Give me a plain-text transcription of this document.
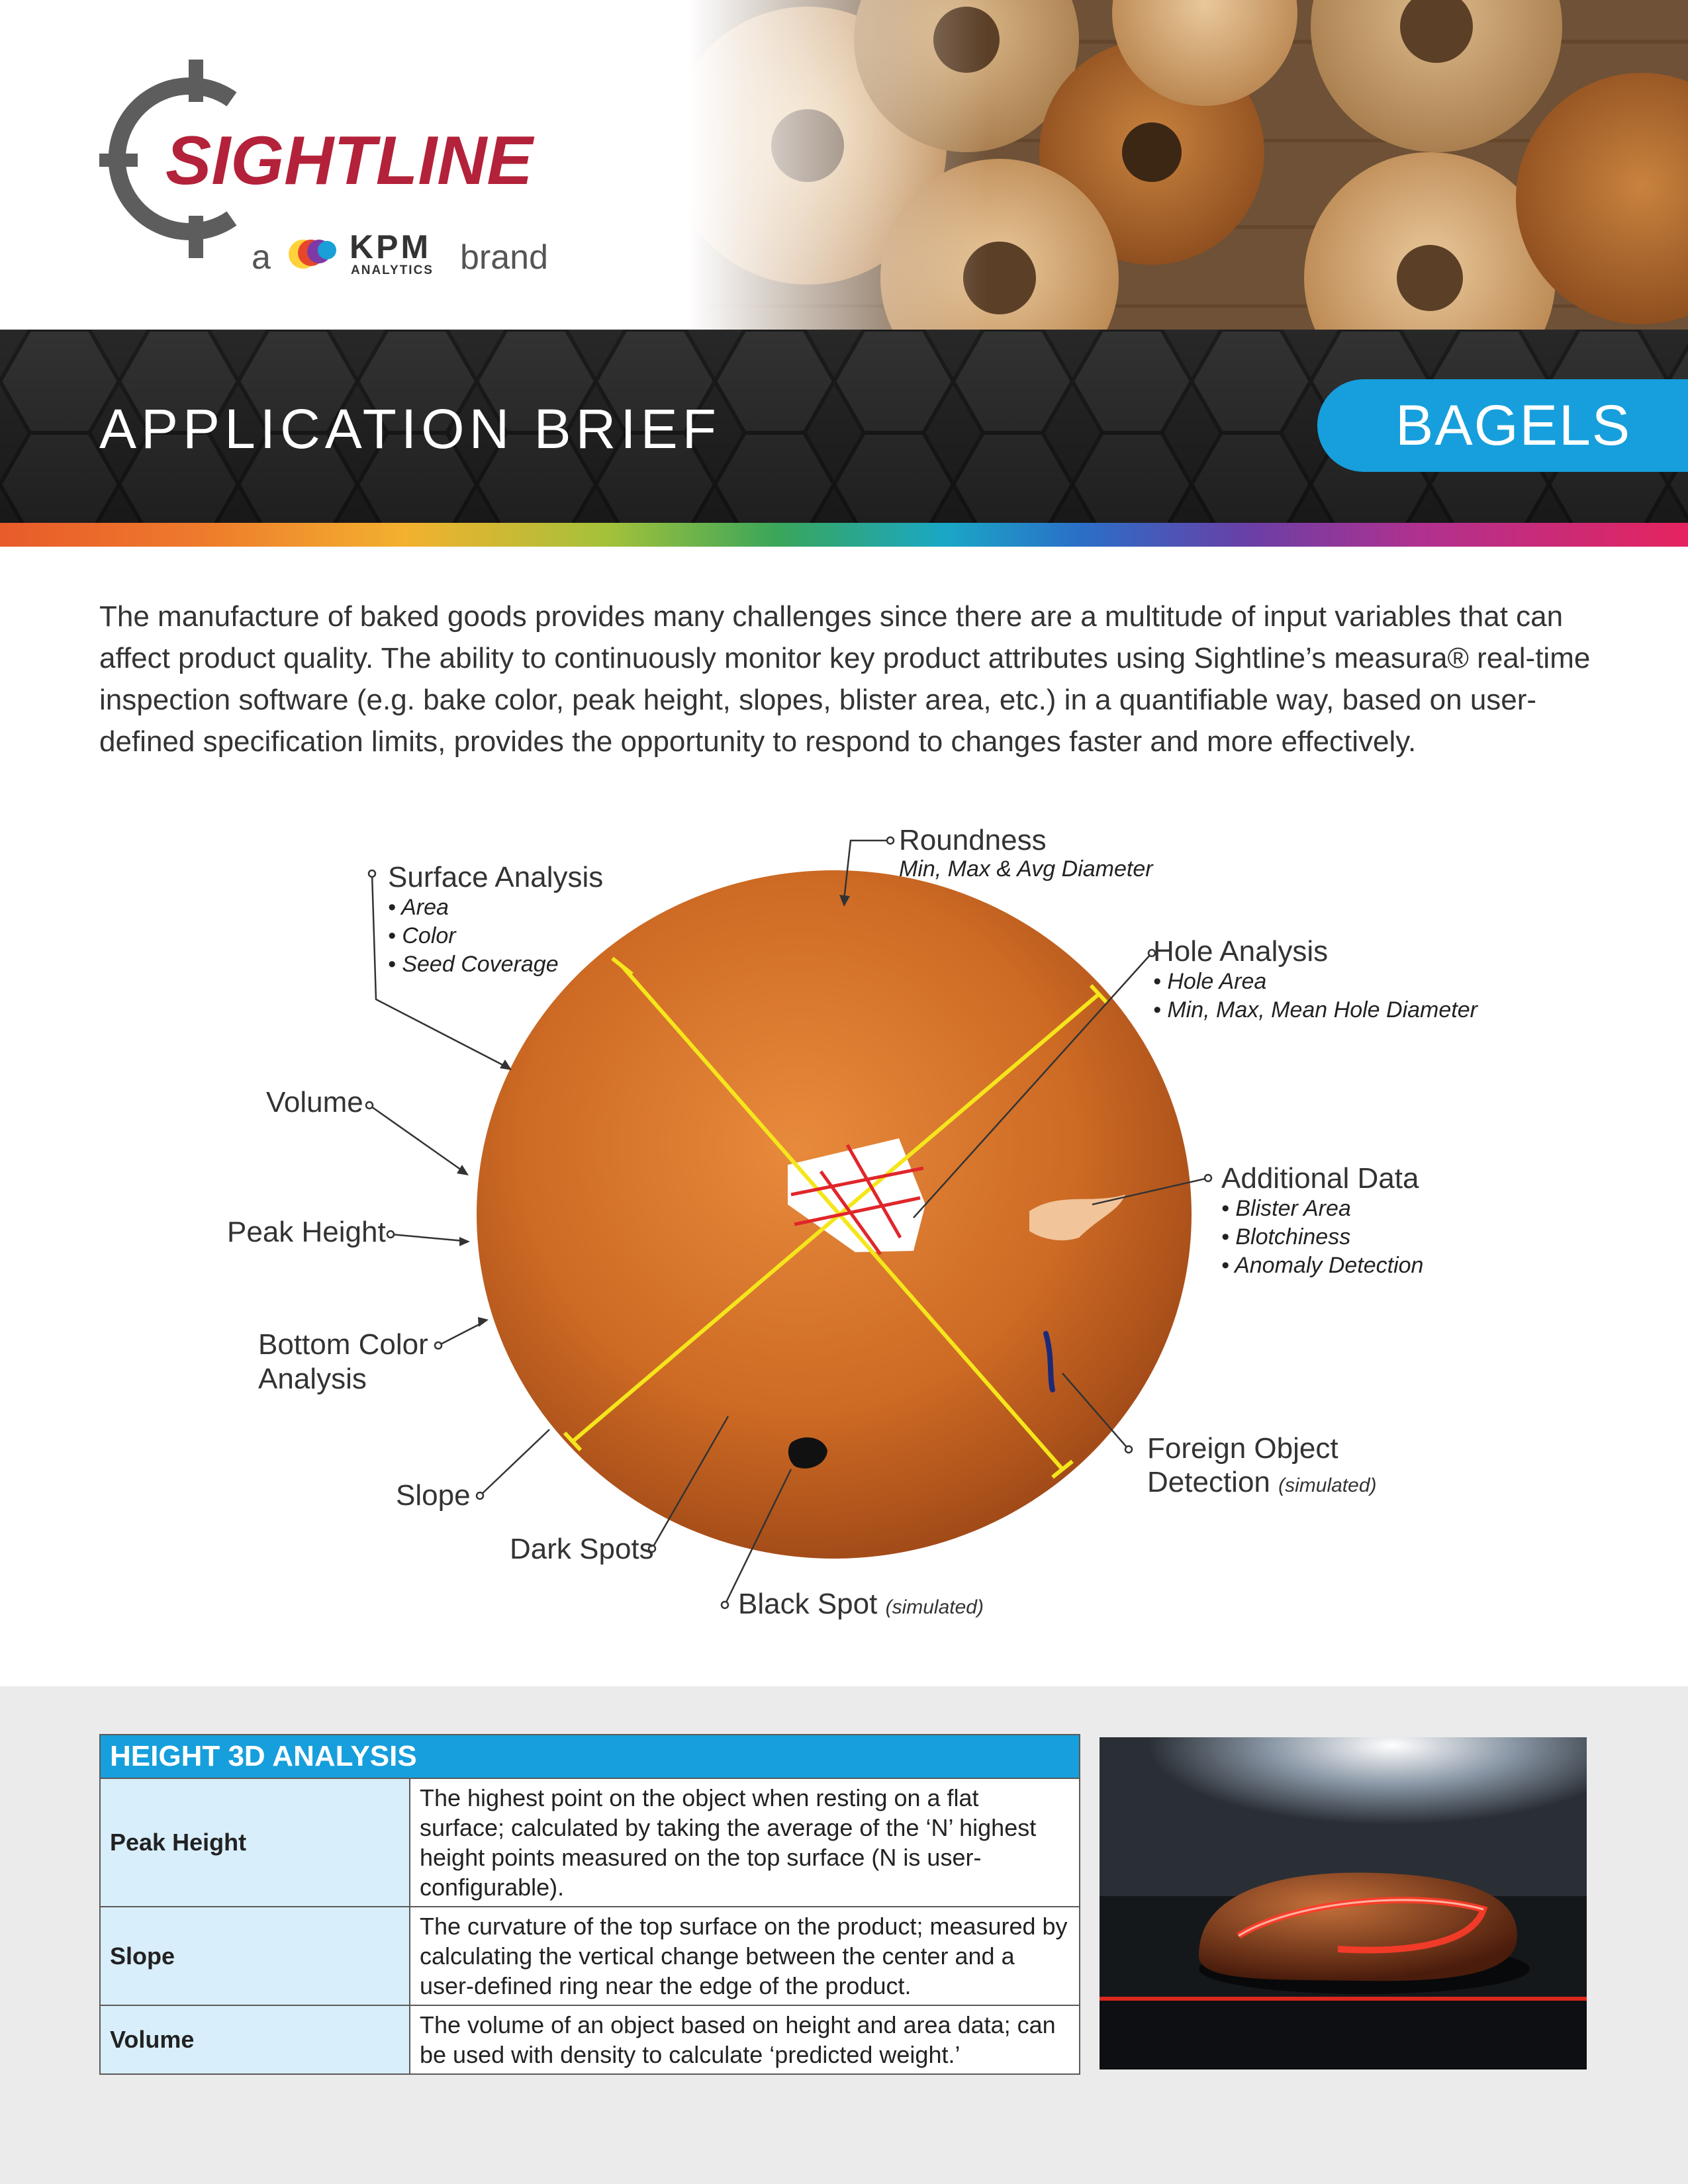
SIGHTLINE
a KPM
ANALYTICS brand
APPLICATION BRIEF	BAGELS

The manufacture of baked goods provides many challenges since there are a multitude of input variables that can affect product quality. The ability to continuously monitor key product attributes using Sightline’s measura® real-time inspection software (e.g. bake color, peak height, slopes, blister area, etc.) in a quantifiable way, based on user-defined specification limits, provides the opportunity to respond to changes faster and more effectively.

Roundness
Min, Max & Avg Diameter
Surface Analysis
• Area
• Color
• Seed Coverage	Hole Analysis
• Hole Area
• Min, Max, Mean Hole Diameter
Volume
Peak Height
Additional Data
• Blister Area
• Blotchiness
• Anomaly Detection
Bottom Color
Analysis
Foreign Object
Detection (simulated)
Slope
Dark Spots
Black Spot (simulated)
HEIGHT 3D ANALYSIS	
Peak Height	The highest point on the object when resting on a flat surface; calculated by taking the average of the ‘N’ highest height points measured on the top surface (N is user-configurable).
Slope	The curvature of the top surface on the product; measured by calculating the vertical change between the center and a user-defined ring near the edge of the product.
Volume	The volume of an object based on height and area data; can be used with density to calculate ‘predicted weight.’
